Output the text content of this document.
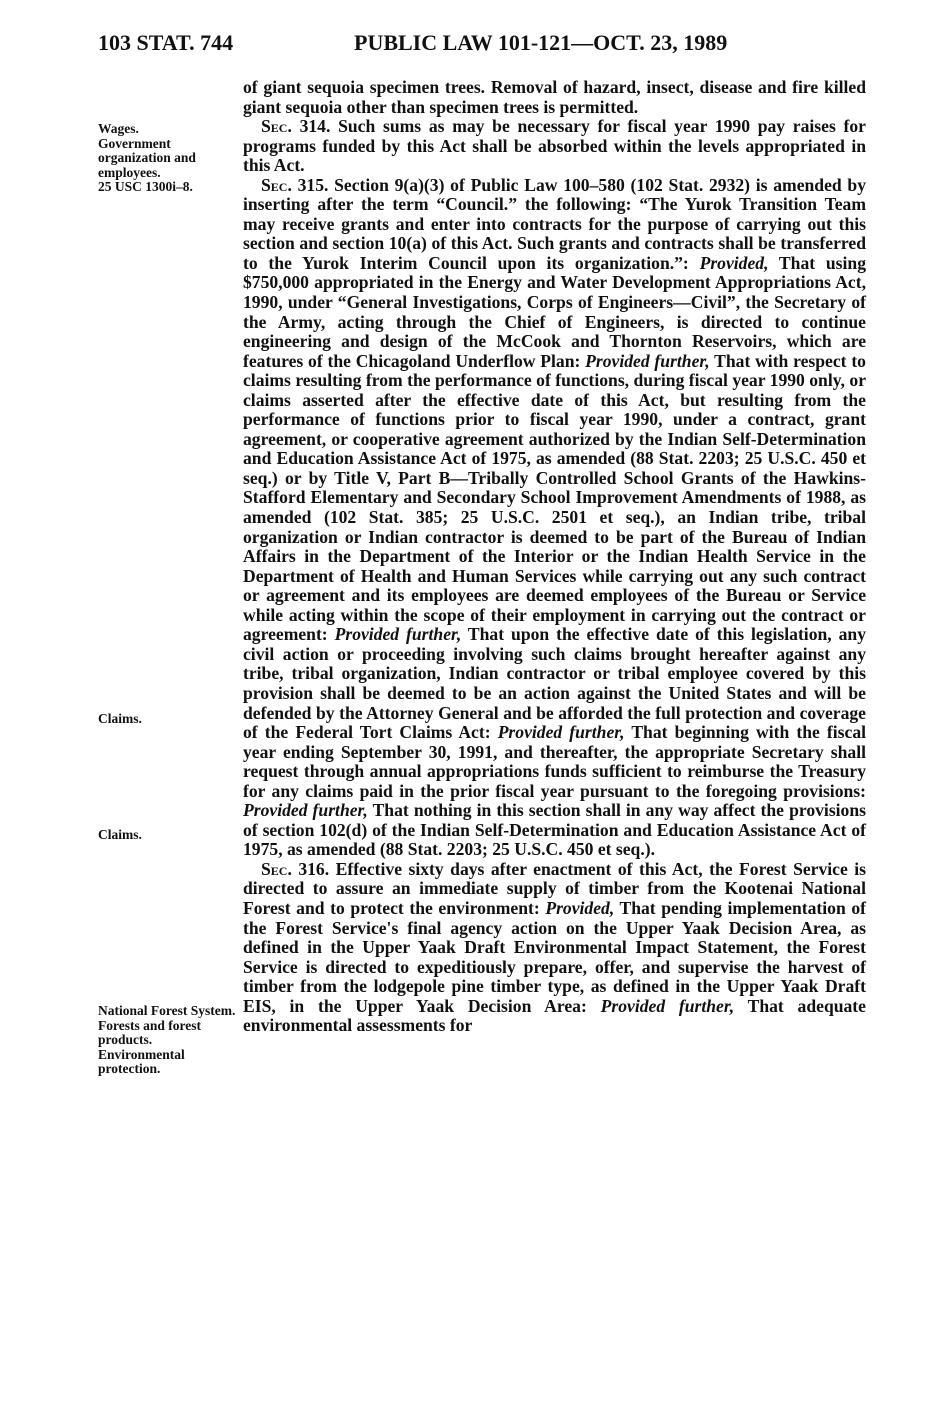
103 STAT. 744	PUBLIC LAW 101-121—OCT. 23, 1989
Wages.
Government organization and employees.
25 USC 1300i–8.
Claims.
Claims.
National Forest System.
Forests and forest products.
Environmental protection.

of giant sequoia specimen trees. Removal of hazard, insect, disease and fire killed giant sequoia other than specimen trees is permitted.

Sec. 314. Such sums as may be necessary for fiscal year 1990 pay raises for programs funded by this Act shall be absorbed within the levels appropriated in this Act.

Sec. 315. Section 9(a)(3) of Public Law 100–580 (102 Stat. 2932) is amended by inserting after the term “Council.” the following: “The Yurok Transition Team may receive grants and enter into contracts for the purpose of carrying out this section and section 10(a) of this Act. Such grants and contracts shall be transferred to the Yurok Interim Council upon its organization.”: Provided, That using $750,000 appropriated in the Energy and Water Development Appropriations Act, 1990, under “General Investigations, Corps of Engineers—Civil”, the Secretary of the Army, acting through the Chief of Engineers, is directed to continue engineering and design of the McCook and Thornton Reservoirs, which are features of the Chicagoland Underflow Plan: Provided further, That with respect to claims resulting from the performance of functions, during fiscal year 1990 only, or claims asserted after the effective date of this Act, but resulting from the performance of functions prior to fiscal year 1990, under a contract, grant agreement, or cooperative agreement authorized by the Indian Self-Determination and Education Assistance Act of 1975, as amended (88 Stat. 2203; 25 U.S.C. 450 et seq.) or by Title V, Part B—Tribally Controlled School Grants of the Hawkins-Stafford Elementary and Secondary School Improvement Amendments of 1988, as amended (102 Stat. 385; 25 U.S.C. 2501 et seq.), an Indian tribe, tribal organization or Indian contractor is deemed to be part of the Bureau of Indian Affairs in the Department of the Interior or the Indian Health Service in the Department of Health and Human Services while carrying out any such contract or agreement and its employees are deemed employees of the Bureau or Service while acting within the scope of their employment in carrying out the contract or agreement: Provided further, That upon the effective date of this legislation, any civil action or proceeding involving such claims brought hereafter against any tribe, tribal organization, Indian contractor or tribal employee covered by this provision shall be deemed to be an action against the United States and will be defended by the Attorney General and be afforded the full protection and coverage of the Federal Tort Claims Act: Provided further, That beginning with the fiscal year ending September 30, 1991, and thereafter, the appropriate Secretary shall request through annual appropriations funds sufficient to reimburse the Treasury for any claims paid in the prior fiscal year pursuant to the foregoing provisions: Provided further, That nothing in this section shall in any way affect the provisions of section 102(d) of the Indian Self-Determination and Education Assistance Act of 1975, as amended (88 Stat. 2203; 25 U.S.C. 450 et seq.).

Sec. 316. Effective sixty days after enactment of this Act, the Forest Service is directed to assure an immediate supply of timber from the Kootenai National Forest and to protect the environment: Provided, That pending implementation of the Forest Service's final agency action on the Upper Yaak Decision Area, as defined in the Upper Yaak Draft Environmental Impact Statement, the Forest Service is directed to expeditiously prepare, offer, and supervise the harvest of timber from the lodgepole pine timber type, as defined in the Upper Yaak Draft EIS, in the Upper Yaak Decision Area: Provided further, That adequate environmental assessments for
